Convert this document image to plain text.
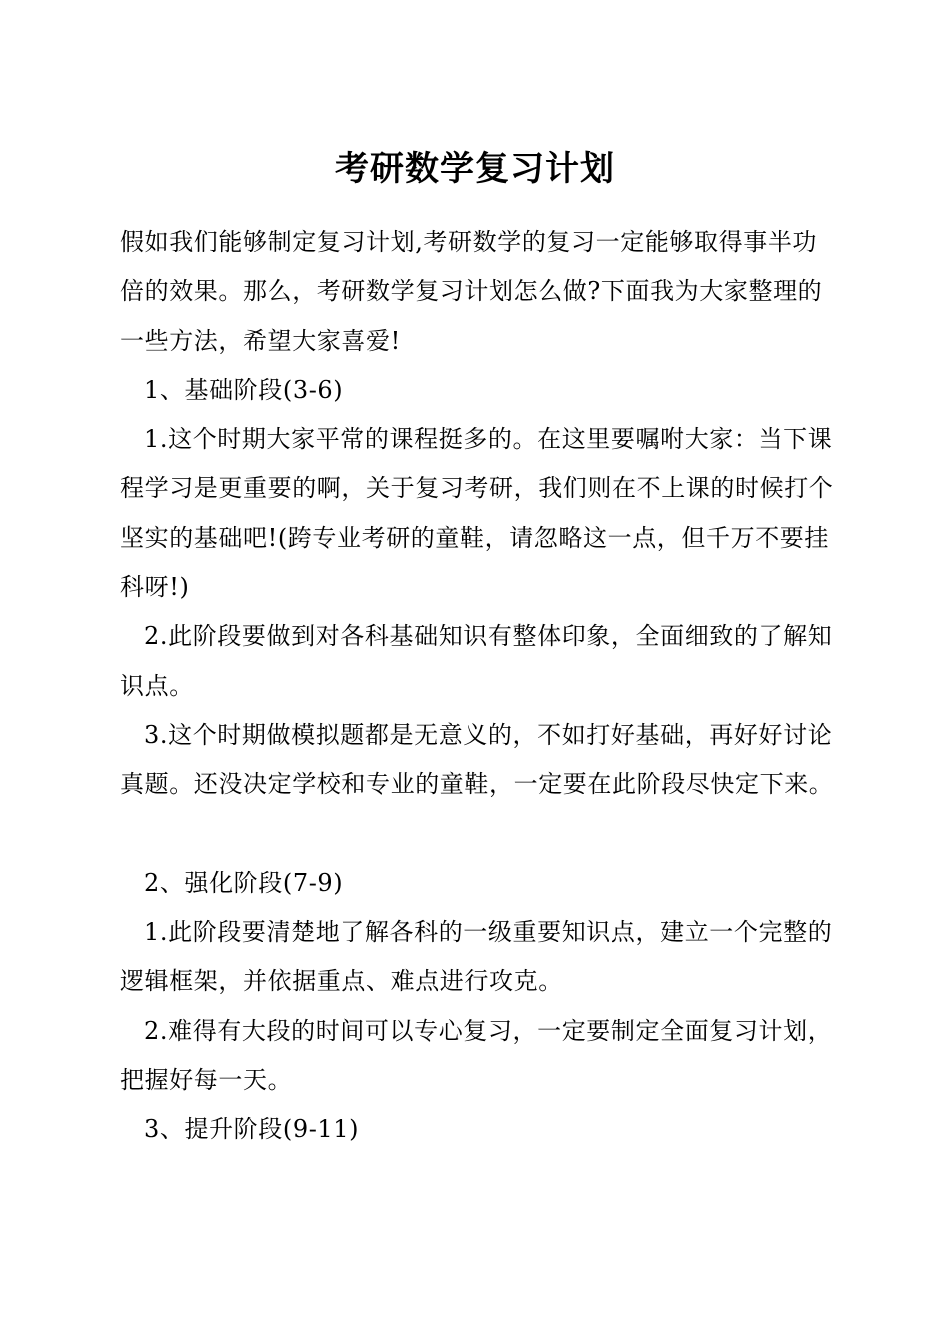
考研数学复习计划

假如我们能够制定复习计划,考研数学的复习一定能够取得事半功倍的效果。那么，考研数学复习计划怎么做?下面我为大家整理的一些方法，希望大家喜爱!

1、基础阶段(3-6)

1.这个时期大家平常的课程挺多的。在这里要嘱咐大家：当下课程学习是更重要的啊，关于复习考研，我们则在不上课的时候打个坚实的基础吧!(跨专业考研的童鞋，请忽略这一点，但千万不要挂科呀!)

2.此阶段要做到对各科基础知识有整体印象，全面细致的了解知识点。

3.这个时期做模拟题都是无意义的，不如打好基础，再好好讨论真题。还没决定学校和专业的童鞋，一定要在此阶段尽快定下来。

2、强化阶段(7-9)

1.此阶段要清楚地了解各科的一级重要知识点，建立一个完整的逻辑框架，并依据重点、难点进行攻克。

2.难得有大段的时间可以专心复习，一定要制定全面复习计划，把握好每一天。

3、提升阶段(9-11)
